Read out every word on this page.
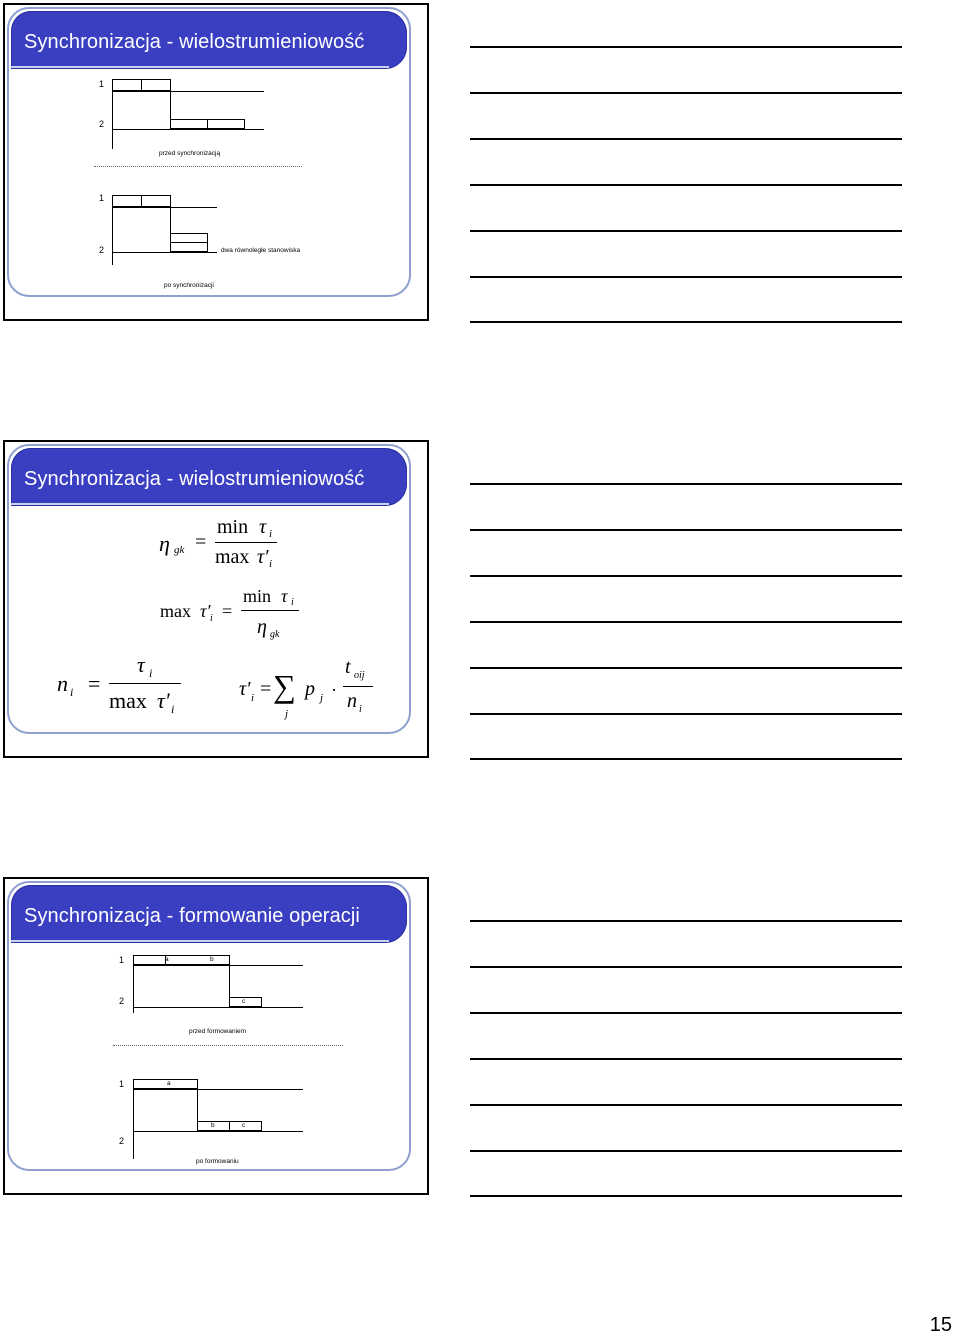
Synchronizacja - wielostrumieniowość
1
2
przed synchronizacją
1
2	dwa równoległe stanowiska
po synchronizacji
Synchronizacja - wielostrumieniowość
η gk =
min τ i
max τ′ i
max τ′ i =
min τ i
η gk
n i =
τ i
max τ′ i
τ′ i = ∑
j
p j ·
t oij
n i
Synchronizacja - formowanie operacji
1
2
a	b
c
przed formowaniem
1
2
a
b	c
po formowaniu
15
